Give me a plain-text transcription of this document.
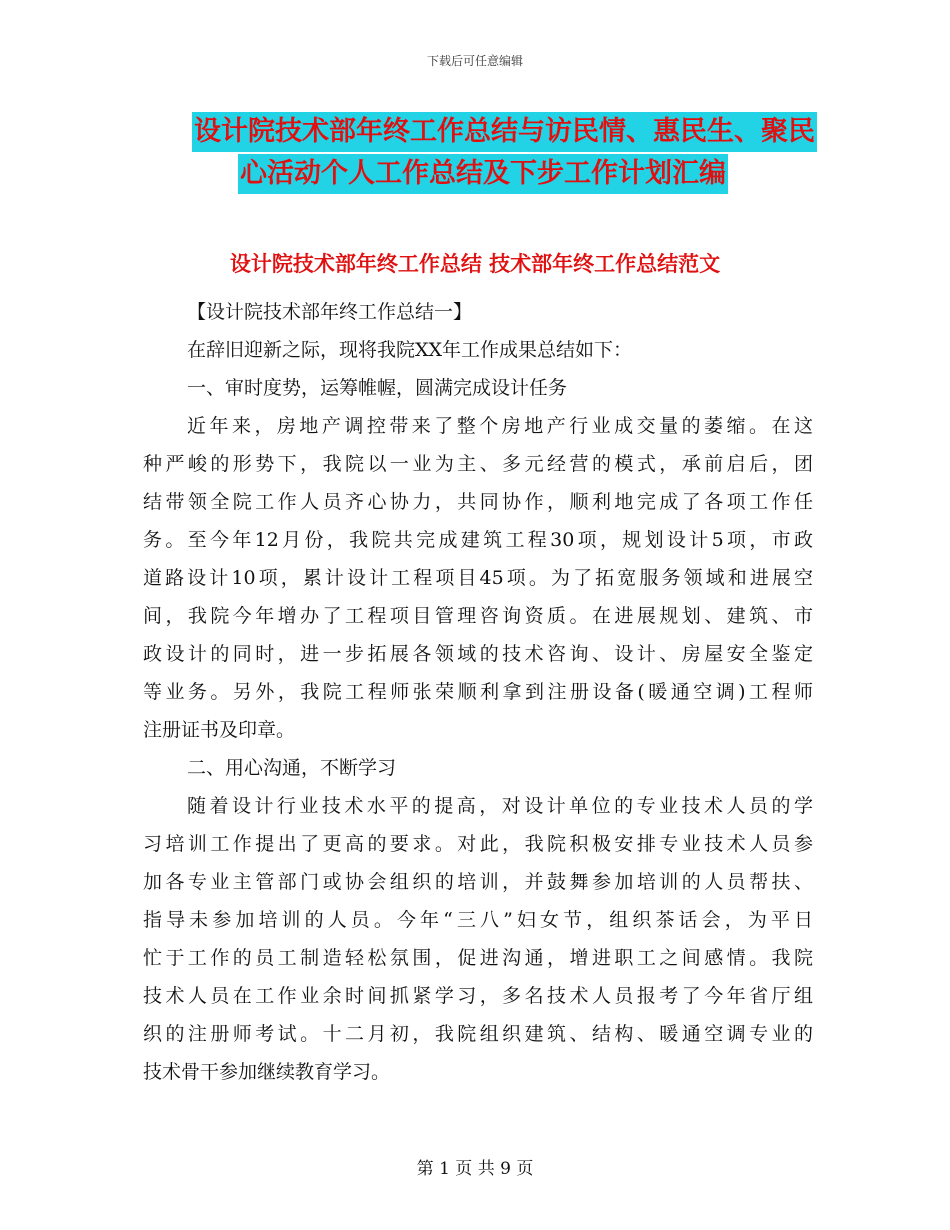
下载后可任意编辑
设计院技术部年终工作总结与访民情、惠民生、聚民
心活动个人工作总结及下步工作计划汇编
设计院技术部年终工作总结 技术部年终工作总结范文
【设计院技术部年终工作总结一】
在辞旧迎新之际，现将我院XX年工作成果总结如下：
一、审时度势，运筹帷幄，圆满完成设计任务
近年来，房地产调控带来了整个房地产行业成交量的萎缩。在这
种严峻的形势下，我院以一业为主、多元经营的模式，承前启后，团
结带领全院工作人员齐心协力，共同协作，顺利地完成了各项工作任
务。至今年12月份，我院共完成建筑工程30项，规划设计5项，市政
道路设计10项，累计设计工程项目45项。为了拓宽服务领域和进展空
间，我院今年增办了工程项目管理咨询资质。在进展规划、建筑、市
政设计的同时，进一步拓展各领域的技术咨询、设计、房屋安全鉴定
等业务。另外，我院工程师张荣顺利拿到注册设备(暖通空调)工程师
注册证书及印章。
二、用心沟通，不断学习
随着设计行业技术水平的提高，对设计单位的专业技术人员的学
习培训工作提出了更高的要求。对此，我院积极安排专业技术人员参
加各专业主管部门或协会组织的培训，并鼓舞参加培训的人员帮扶、
指导未参加培训的人员。今年“三八”妇女节，组织茶话会，为平日
忙于工作的员工制造轻松氛围，促进沟通，增进职工之间感情。我院
技术人员在工作业余时间抓紧学习，多名技术人员报考了今年省厅组
织的注册师考试。十二月初，我院组织建筑、结构、暖通空调专业的
技术骨干参加继续教育学习。
第 1 页 共 9 页
